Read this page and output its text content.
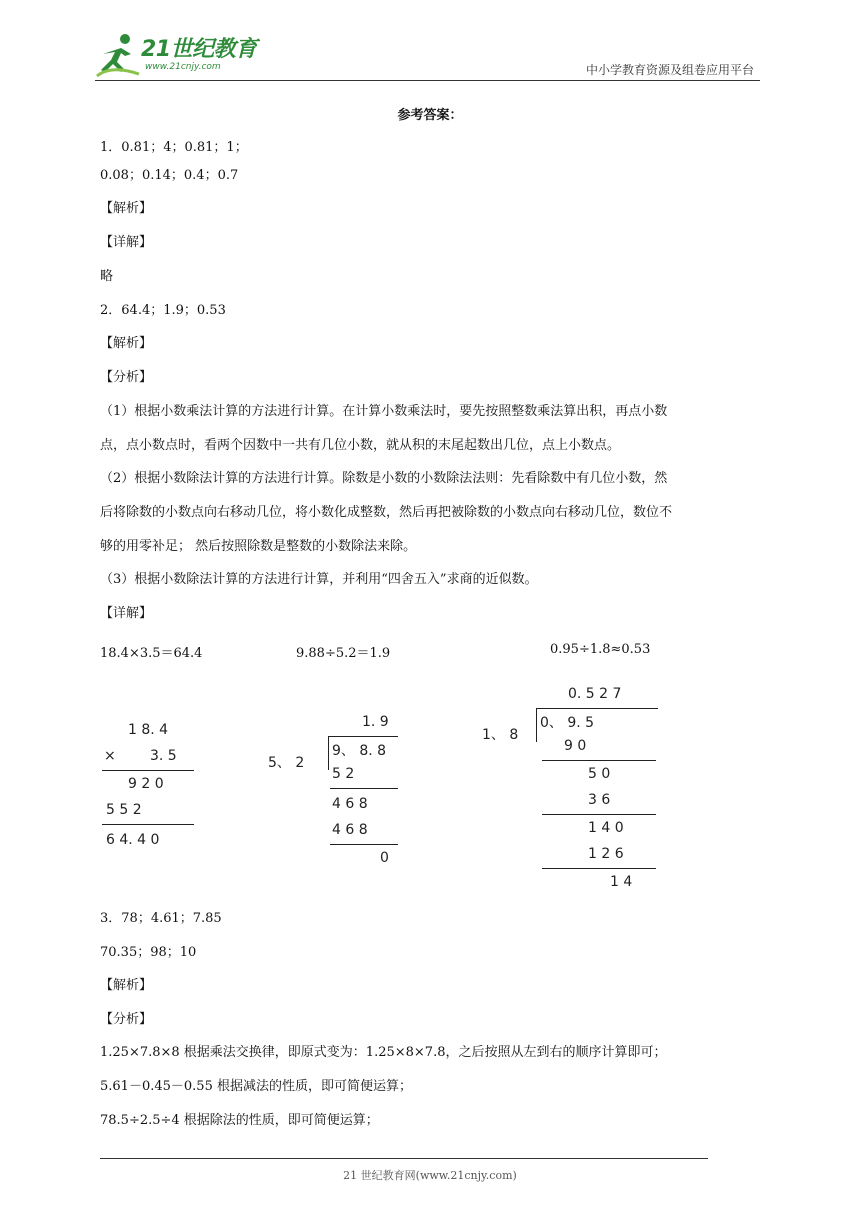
21世纪教育
www.21cnjy.com	中小学教育资源及组卷应用平台
参考答案：
1．0.81；4；0.81；1；
0.08；0.14；0.4；0.7
【解析】
【详解】
略
2．64.4；1.9；0.53
【解析】
【分析】
（1）根据小数乘法计算的方法进行计算。在计算小数乘法时，要先按照整数乘法算出积，再点小数
点，点小数点时，看两个因数中一共有几位小数，就从积的末尾起数出几位，点上小数点。
（2）根据小数除法计算的方法进行计算。除数是小数的小数除法法则：先看除数中有几位小数，然
后将除数的小数点向右移动几位，将小数化成整数，然后再把被除数的小数点向右移动几位，数位不
够的用零补足； 然后按照除数是整数的小数除法来除。
（3）根据小数除法计算的方法进行计算，并利用“四舍五入”求商的近似数。
【详解】
18.4×3.5＝64.4	9.88÷5.2＝1.9	0.95÷1.8≈0.53
1 8. 4
× 3. 5
9 2 0
5 5 2
6 4. 4 0
1. 9
5、 2
9、 8. 8
5 2
4 6 8
4 6 8
0
0. 5 2 7
1、 8
0、 9. 5
9 0
5 0
3 6
1 4 0
1 2 6
1 4
3．78；4.61；7.85
70.35；98；10
【解析】
【分析】
1.25×7.8×8 根据乘法交换律，即原式变为：1.25×8×7.8，之后按照从左到右的顺序计算即可；
5.61－0.45－0.55 根据减法的性质，即可简便运算；
78.5÷2.5÷4 根据除法的性质，即可简便运算；
21 世纪教育网(www.21cnjy.com)
